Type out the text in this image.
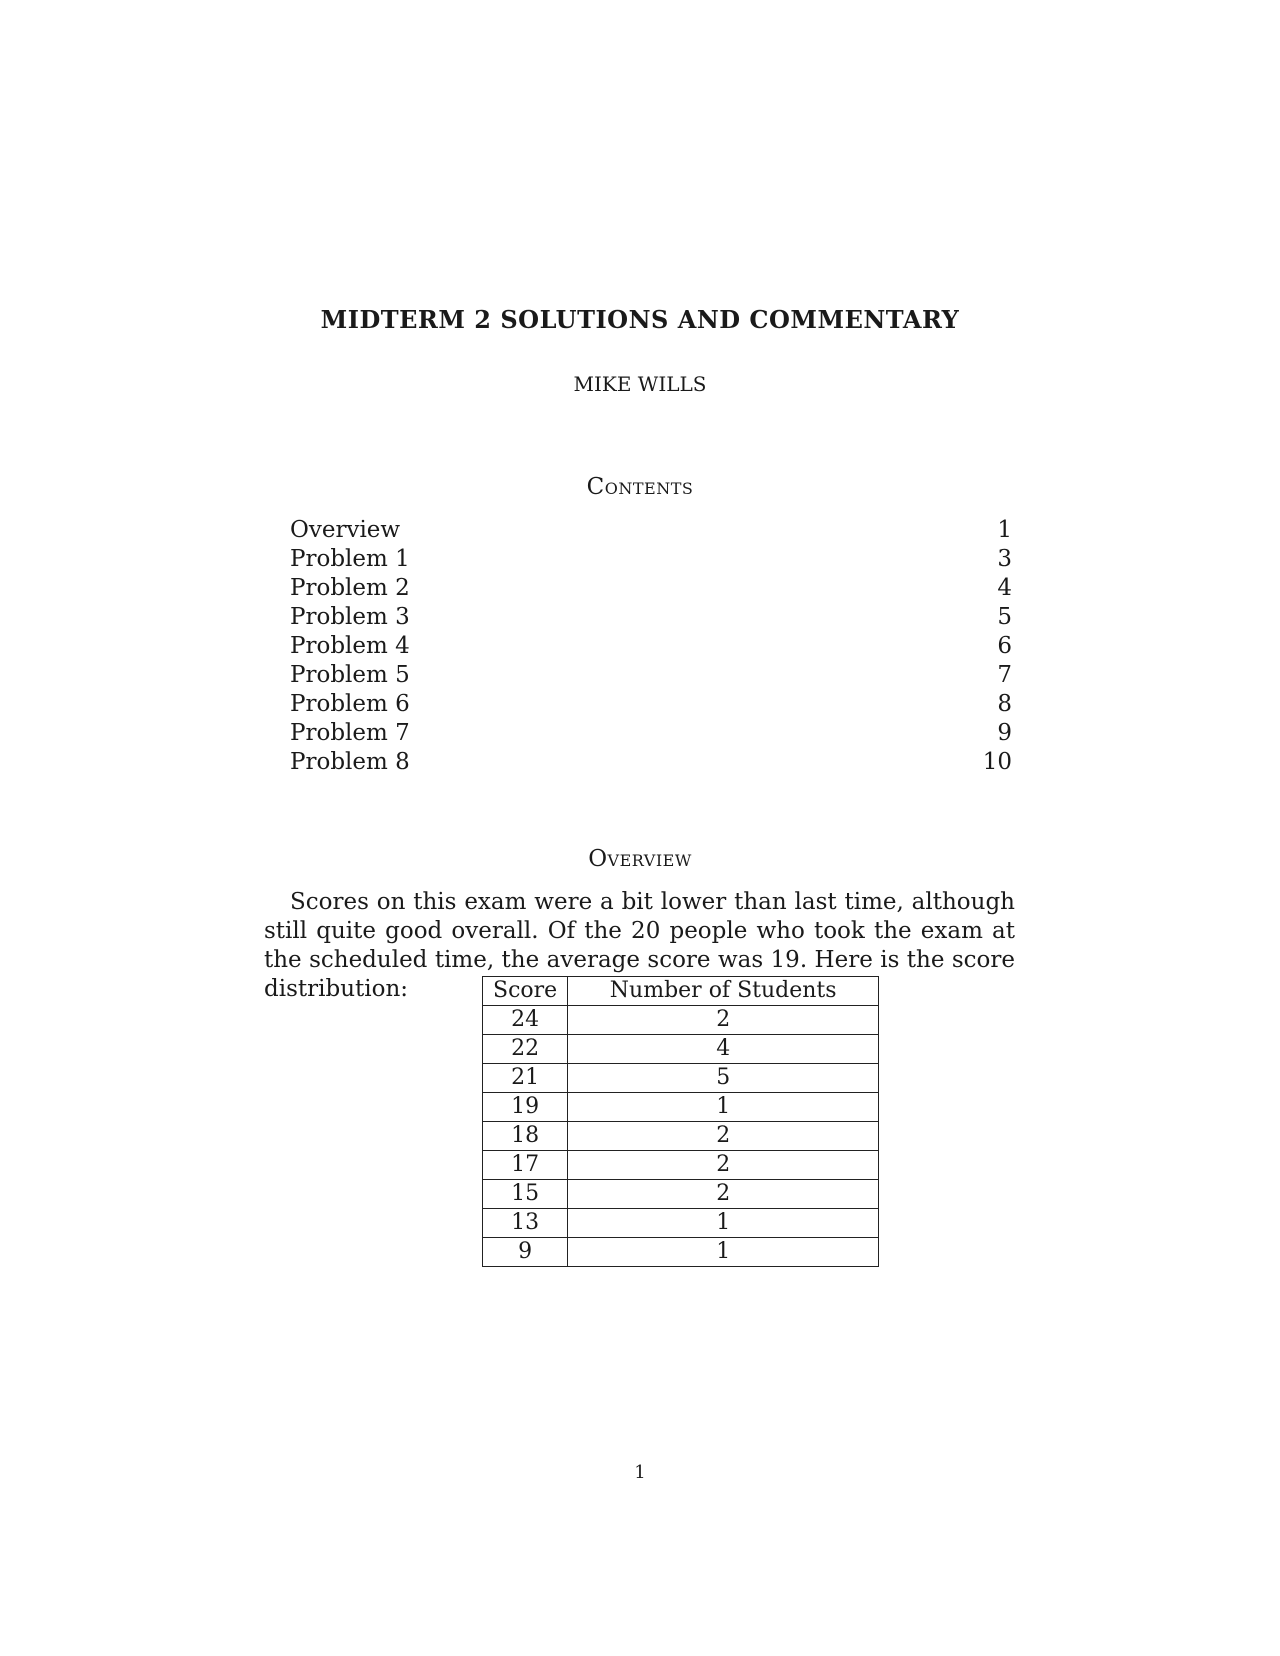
MIDTERM 2 SOLUTIONS AND COMMENTARY
MIKE WILLS
Contents
Overview	1
Problem 1	3
Problem 2	4
Problem 3	5
Problem 4	6
Problem 5	7
Problem 6	8
Problem 7	9
Problem 8	10
Overview

Scores on this exam were a bit lower than last time, although still quite good overall. Of the 20 people who took the exam at the scheduled time, the average score was 19. Here is the score distribution:	Score	Number of Students
24	2
22	4
21	5
19	1
18	2
17	2
15	2
13	1
9	1
1
